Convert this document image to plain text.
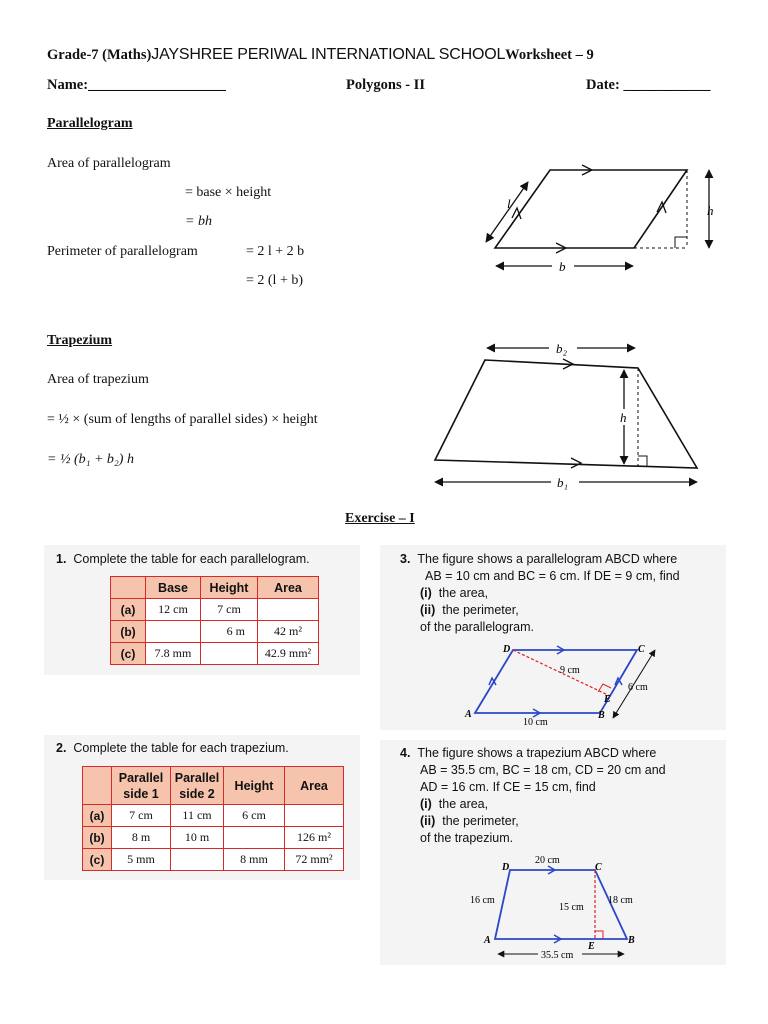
Grade-7 (Maths)JAYSHREE PERIWAL INTERNATIONAL SCHOOLWorksheet – 9
Name:___________________	Polygons - II	Date: ____________
Parallelogram
Area of parallelogram
= base × height
= bh
Perimeter of parallelogram	= 2 l + 2 b
= 2 (l + b)
l	h
b
Trapezium
Area of trapezium
= ½ × (sum of lengths of parallel sides) × height
= ½ (b₁ + b₂) h
b₂
h
b₁
Exercise – I
1. Complete the table for each parallelogram.
	Base	Height	Area
(a)	12 cm	7 cm	
(b)		6 m	42 m²
(c)	7.8 mm		42.9 mm²
2. Complete the table for each trapezium.
	Parallel side 1	Parallel side 2	Height	Area
(a)	7 cm	11 cm	6 cm	
(b)	8 m	10 m		126 m²
(c)	5 mm		8 mm	72 mm²
3. The figure shows a parallelogram ABCD where
AB = 10 cm and BC = 6 cm. If DE = 9 cm, find
(i) the area,
(ii) the perimeter,
of the parallelogram.
D	C
A	B
E
9 cm
6 cm
10 cm
4. The figure shows a trapezium ABCD where
AB = 35.5 cm, BC = 18 cm, CD = 20 cm and
AD = 16 cm. If CE = 15 cm, find
(i) the area,
(ii) the perimeter,
of the trapezium.
D	C
A	B
E
20 cm
16 cm
15 cm
18 cm
35.5 cm
